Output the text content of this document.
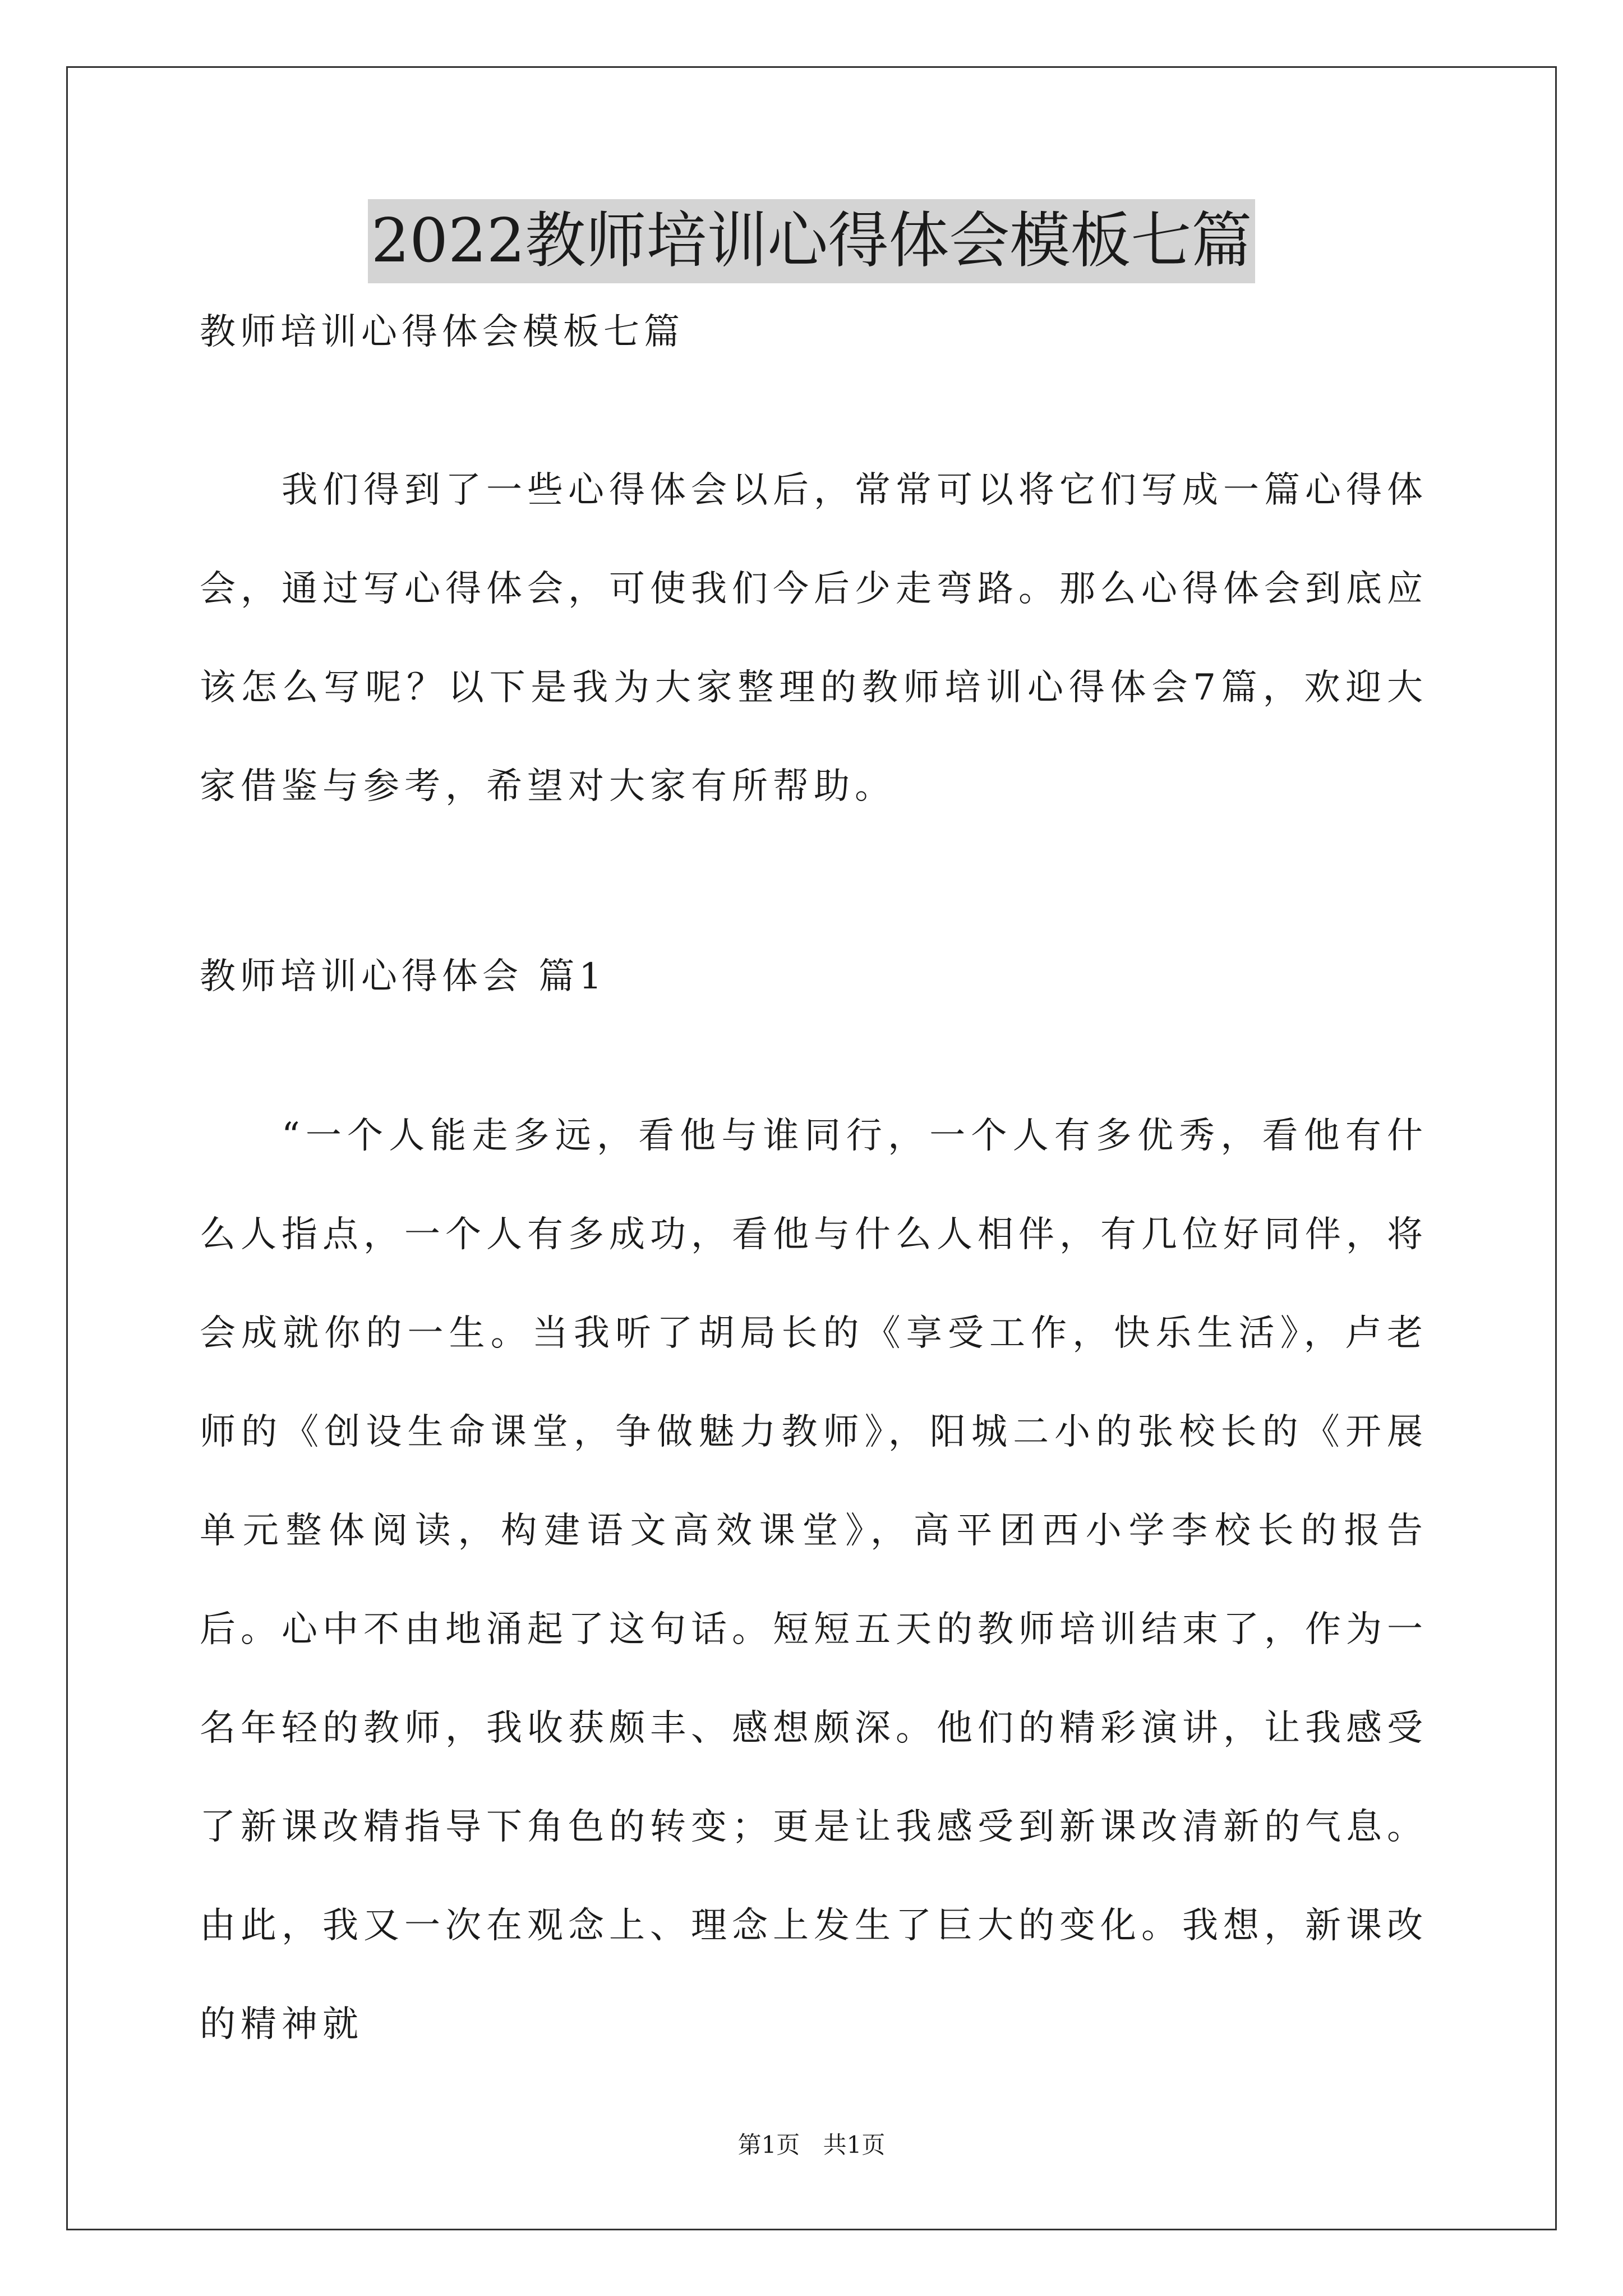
2022教师培训心得体会模板七篇

教师培训心得体会模板七篇

我们得到了一些心得体会以后，常常可以将它们写成一篇心得体会，通过写心得体会，可使我们今后少走弯路。那么心得体会到底应该怎么写呢？以下是我为大家整理的教师培训心得体会7篇，欢迎大家借鉴与参考，希望对大家有所帮助。

教师培训心得体会 篇1

“一个人能走多远，看他与谁同行，一个人有多优秀，看他有什么人指点，一个人有多成功，看他与什么人相伴，有几位好同伴，将会成就你的一生。当我听了胡局长的《享受工作，快乐生活》，卢老师的《创设生命课堂，争做魅力教师》，阳城二小的张校长的《开展单元整体阅读，构建语文高效课堂》，高平团西小学李校长的报告后。心中不由地涌起了这句话。短短五天的教师培训结束了，作为一名年轻的教师，我收获颇丰、感想颇深。他们的精彩演讲，让我感受了新课改精指导下角色的转变；更是让我感受到新课改清新的气息。由此，我又一次在观念上、理念上发生了巨大的变化。我想，新课改的精神就

第1页 共1页
